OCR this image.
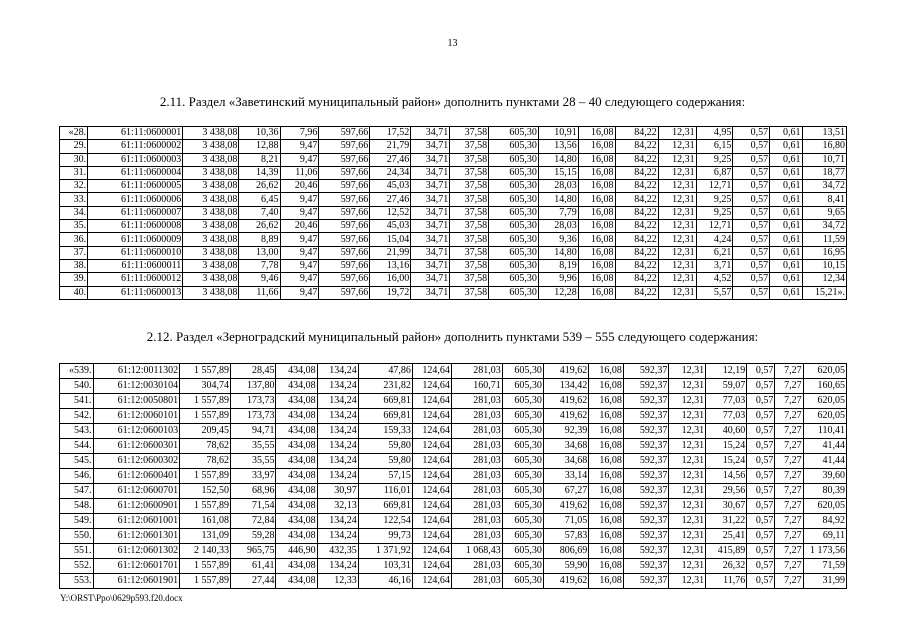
13
2.11. Раздел «Заветинский муниципальный район» дополнить пунктами 28 – 40 следующего содержания:
«28.	61:11:0600001	3 438,08	10,36	7,96	597,66	17,52	34,71	37,58	605,30	10,91	16,08	84,22	12,31	4,95	0,57	0,61	13,51
29.	61:11:0600002	3 438,08	12,88	9,47	597,66	21,79	34,71	37,58	605,30	13,56	16,08	84,22	12,31	6,15	0,57	0,61	16,80
30.	61:11:0600003	3 438,08	8,21	9,47	597,66	27,46	34,71	37,58	605,30	14,80	16,08	84,22	12,31	9,25	0,57	0,61	10,71
31.	61:11:0600004	3 438,08	14,39	11,06	597,66	24,34	34,71	37,58	605,30	15,15	16,08	84,22	12,31	6,87	0,57	0,61	18,77
32.	61:11:0600005	3 438,08	26,62	20,46	597,66	45,03	34,71	37,58	605,30	28,03	16,08	84,22	12,31	12,71	0,57	0,61	34,72
33.	61:11:0600006	3 438,08	6,45	9,47	597,66	27,46	34,71	37,58	605,30	14,80	16,08	84,22	12,31	9,25	0,57	0,61	8,41
34.	61:11:0600007	3 438,08	7,40	9,47	597,66	12,52	34,71	37,58	605,30	7,79	16,08	84,22	12,31	9,25	0,57	0,61	9,65
35.	61:11:0600008	3 438,08	26,62	20,46	597,66	45,03	34,71	37,58	605,30	28,03	16,08	84,22	12,31	12,71	0,57	0,61	34,72
36.	61:11:0600009	3 438,08	8,89	9,47	597,66	15,04	34,71	37,58	605,30	9,36	16,08	84,22	12,31	4,24	0,57	0,61	11,59
37.	61:11:0600010	3 438,08	13,00	9,47	597,66	21,99	34,71	37,58	605,30	14,80	16,08	84,22	12,31	6,21	0,57	0,61	16,95
38.	61:11:0600011	3 438,08	7,78	9,47	597,66	13,16	34,71	37,58	605,30	8,19	16,08	84,22	12,31	3,71	0,57	0,61	10,15
39.	61:11:0600012	3 438,08	9,46	9,47	597,66	16,00	34,71	37,58	605,30	9,96	16,08	84,22	12,31	4,52	0,57	0,61	12,34
40.	61:11:0600013	3 438,08	11,66	9,47	597,66	19,72	34,71	37,58	605,30	12,28	16,08	84,22	12,31	5,57	0,57	0,61	15,21».
2.12. Раздел «Зерноградский муниципальный район» дополнить пунктами 539 – 555 следующего содержания:
«539.	61:12:0011302	1 557,89	28,45	434,08	134,24	47,86	124,64	281,03	605,30	419,62	16,08	592,37	12,31	12,19	0,57	7,27	620,05
540.	61:12:0030104	304,74	137,80	434,08	134,24	231,82	124,64	160,71	605,30	134,42	16,08	592,37	12,31	59,07	0,57	7,27	160,65
541.	61:12:0050801	1 557,89	173,73	434,08	134,24	669,81	124,64	281,03	605,30	419,62	16,08	592,37	12,31	77,03	0,57	7,27	620,05
542.	61:12:0060101	1 557,89	173,73	434,08	134,24	669,81	124,64	281,03	605,30	419,62	16,08	592,37	12,31	77,03	0,57	7,27	620,05
543.	61:12:0600103	209,45	94,71	434,08	134,24	159,33	124,64	281,03	605,30	92,39	16,08	592,37	12,31	40,60	0,57	7,27	110,41
544.	61:12:0600301	78,62	35,55	434,08	134,24	59,80	124,64	281,03	605,30	34,68	16,08	592,37	12,31	15,24	0,57	7,27	41,44
545.	61:12:0600302	78,62	35,55	434,08	134,24	59,80	124,64	281,03	605,30	34,68	16,08	592,37	12,31	15,24	0,57	7,27	41,44
546.	61:12:0600401	1 557,89	33,97	434,08	134,24	57,15	124,64	281,03	605,30	33,14	16,08	592,37	12,31	14,56	0,57	7,27	39,60
547.	61:12:0600701	152,50	68,96	434,08	30,97	116,01	124,64	281,03	605,30	67,27	16,08	592,37	12,31	29,56	0,57	7,27	80,39
548.	61:12:0600901	1 557,89	71,54	434,08	32,13	669,81	124,64	281,03	605,30	419,62	16,08	592,37	12,31	30,67	0,57	7,27	620,05
549.	61:12:0601001	161,08	72,84	434,08	134,24	122,54	124,64	281,03	605,30	71,05	16,08	592,37	12,31	31,22	0,57	7,27	84,92
550.	61:12:0601301	131,09	59,28	434,08	134,24	99,73	124,64	281,03	605,30	57,83	16,08	592,37	12,31	25,41	0,57	7,27	69,11
551.	61:12:0601302	2 140,33	965,75	446,90	432,35	1 371,92	124,64	1 068,43	605,30	806,69	16,08	592,37	12,31	415,89	0,57	7,27	1 173,56
552.	61:12:0601701	1 557,89	61,41	434,08	134,24	103,31	124,64	281,03	605,30	59,90	16,08	592,37	12,31	26,32	0,57	7,27	71,59
553.	61:12:0601901	1 557,89	27,44	434,08	12,33	46,16	124,64	281,03	605,30	419,62	16,08	592,37	12,31	11,76	0,57	7,27	31,99
Y:\ORST\Ppo\0629p593.f20.docx
